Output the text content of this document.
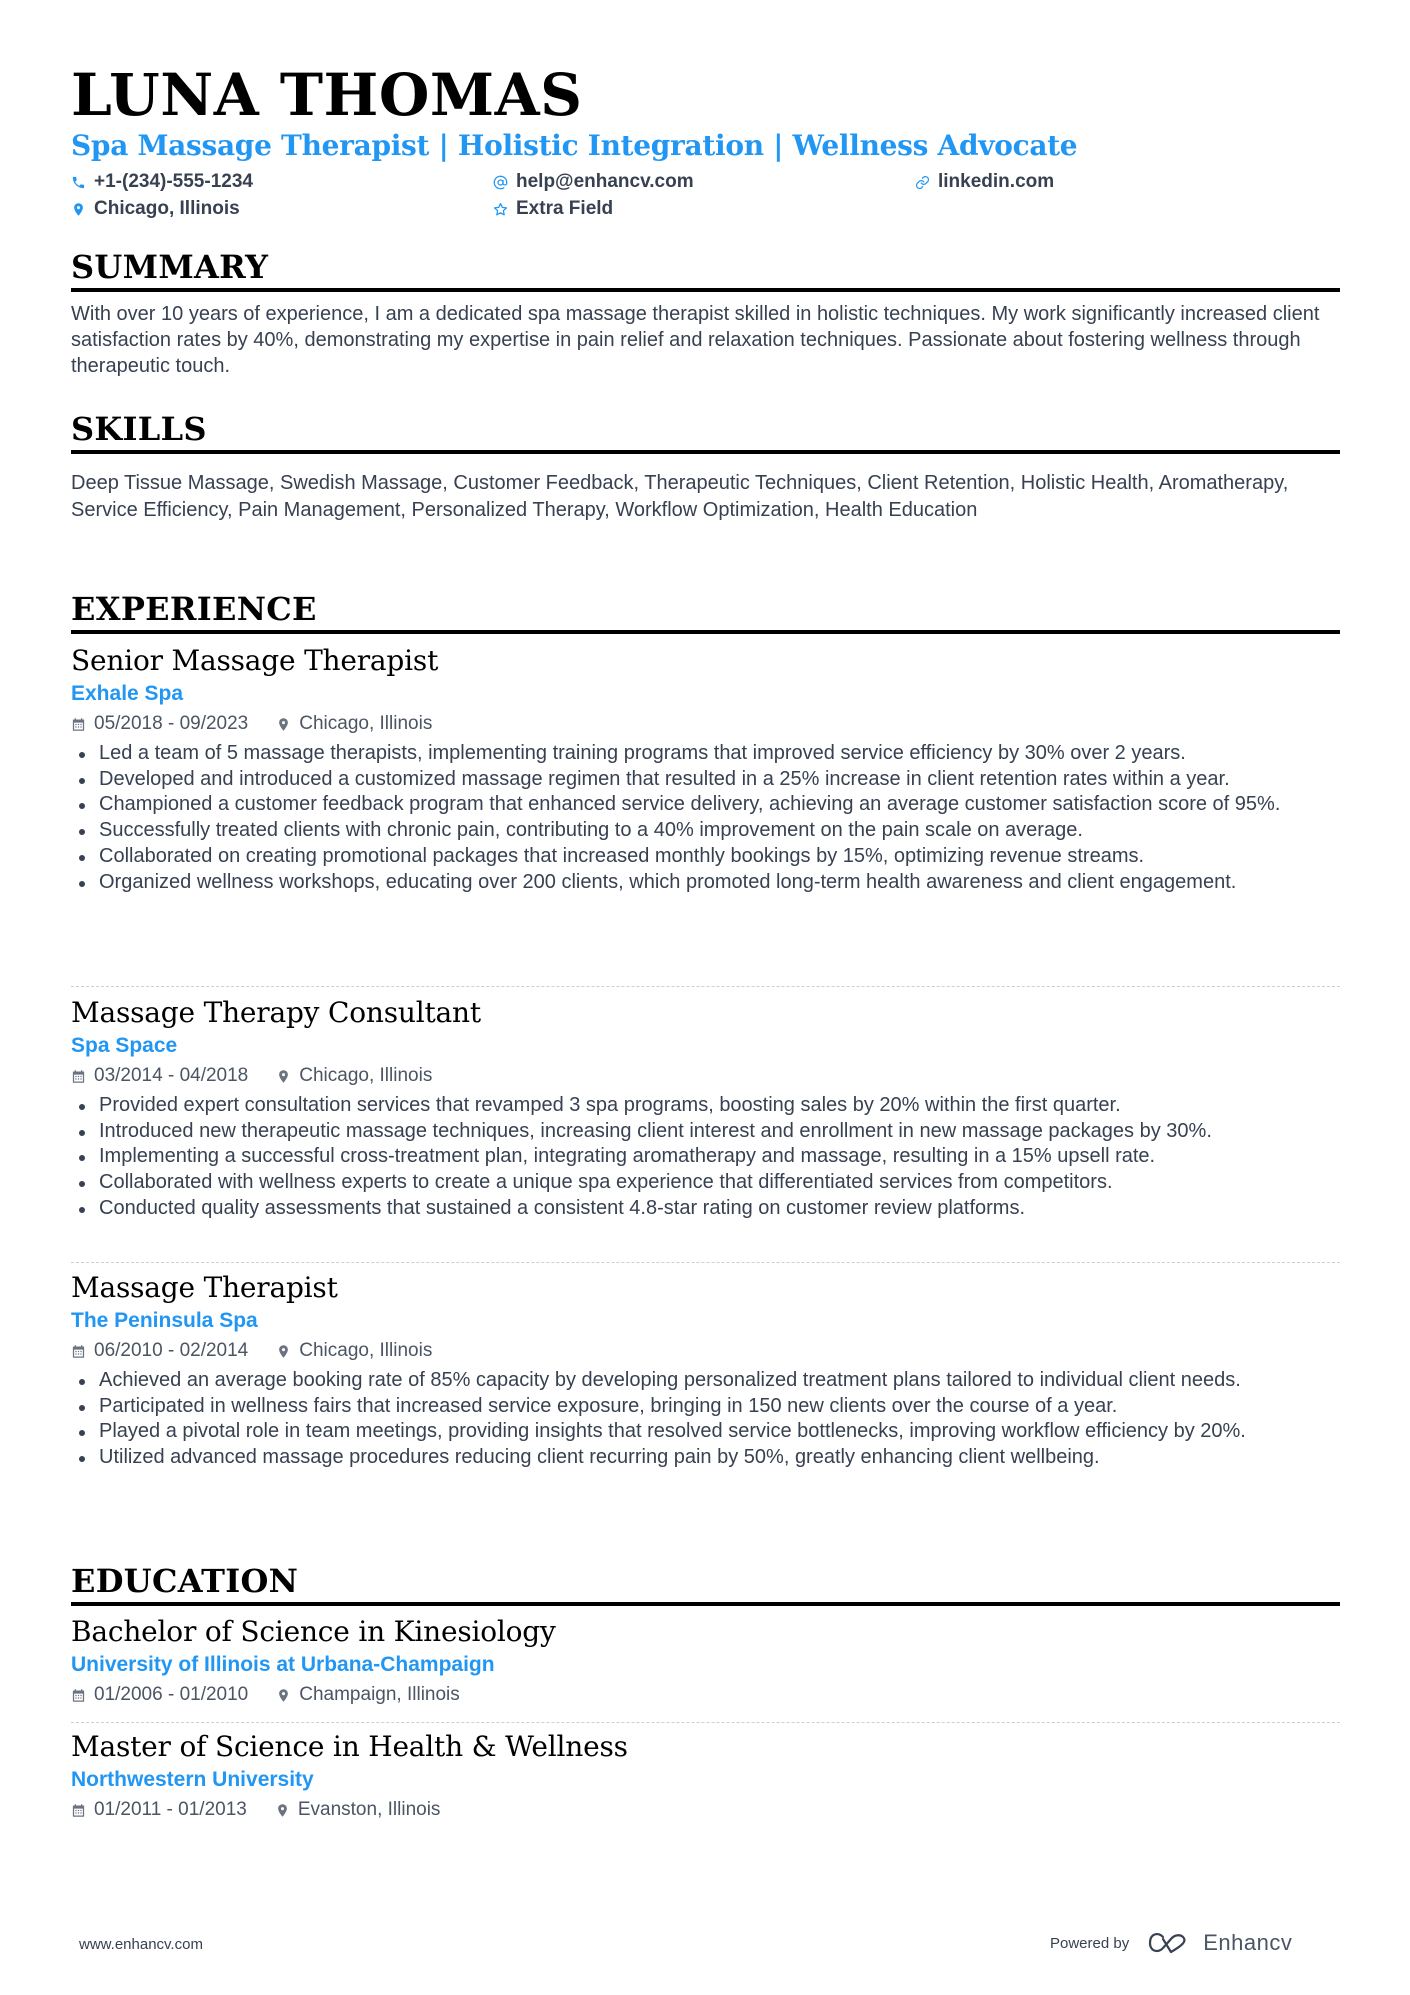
LUNA THOMAS
Spa Massage Therapist | Holistic Integration | Wellness Advocate
+1-(234)-555-1234	help@enhancv.com	linkedin.com
Chicago, Illinois	Extra Field
SUMMARY

With over 10 years of experience, I am a dedicated spa massage therapist skilled in holistic techniques. My work significantly increased client satisfaction rates by 40%, demonstrating my expertise in pain relief and relaxation techniques. Passionate about fostering wellness through therapeutic touch.

SKILLS

Deep Tissue Massage, Swedish Massage, Customer Feedback, Therapeutic Techniques, Client Retention, Holistic Health, Aromatherapy, Service Efficiency, Pain Management, Personalized Therapy, Workflow Optimization, Health Education

EXPERIENCE
Senior Massage Therapist
Exhale Spa
05/2018 - 09/2023	Chicago, Illinois
Led a team of 5 massage therapists, implementing training programs that improved service efficiency by 30% over 2 years.
Developed and introduced a customized massage regimen that resulted in a 25% increase in client retention rates within a year.
Championed a customer feedback program that enhanced service delivery, achieving an average customer satisfaction score of 95%.
Successfully treated clients with chronic pain, contributing to a 40% improvement on the pain scale on average.
Collaborated on creating promotional packages that increased monthly bookings by 15%, optimizing revenue streams.
Organized wellness workshops, educating over 200 clients, which promoted long-term health awareness and client engagement.
Massage Therapy Consultant
Spa Space
03/2014 - 04/2018	Chicago, Illinois
Provided expert consultation services that revamped 3 spa programs, boosting sales by 20% within the first quarter.
Introduced new therapeutic massage techniques, increasing client interest and enrollment in new massage packages by 30%.
Implementing a successful cross-treatment plan, integrating aromatherapy and massage, resulting in a 15% upsell rate.
Collaborated with wellness experts to create a unique spa experience that differentiated services from competitors.
Conducted quality assessments that sustained a consistent 4.8-star rating on customer review platforms.
Massage Therapist
The Peninsula Spa
06/2010 - 02/2014	Chicago, Illinois
Achieved an average booking rate of 85% capacity by developing personalized treatment plans tailored to individual client needs.
Participated in wellness fairs that increased service exposure, bringing in 150 new clients over the course of a year.
Played a pivotal role in team meetings, providing insights that resolved service bottlenecks, improving workflow efficiency by 20%.
Utilized advanced massage procedures reducing client recurring pain by 50%, greatly enhancing client wellbeing.
EDUCATION
Bachelor of Science in Kinesiology
University of Illinois at Urbana-Champaign
01/2006 - 01/2010	Champaign, Illinois
Master of Science in Health & Wellness
Northwestern University
01/2011 - 01/2013	Evanston, Illinois
www.enhancv.com	Powered by	Enhancv
